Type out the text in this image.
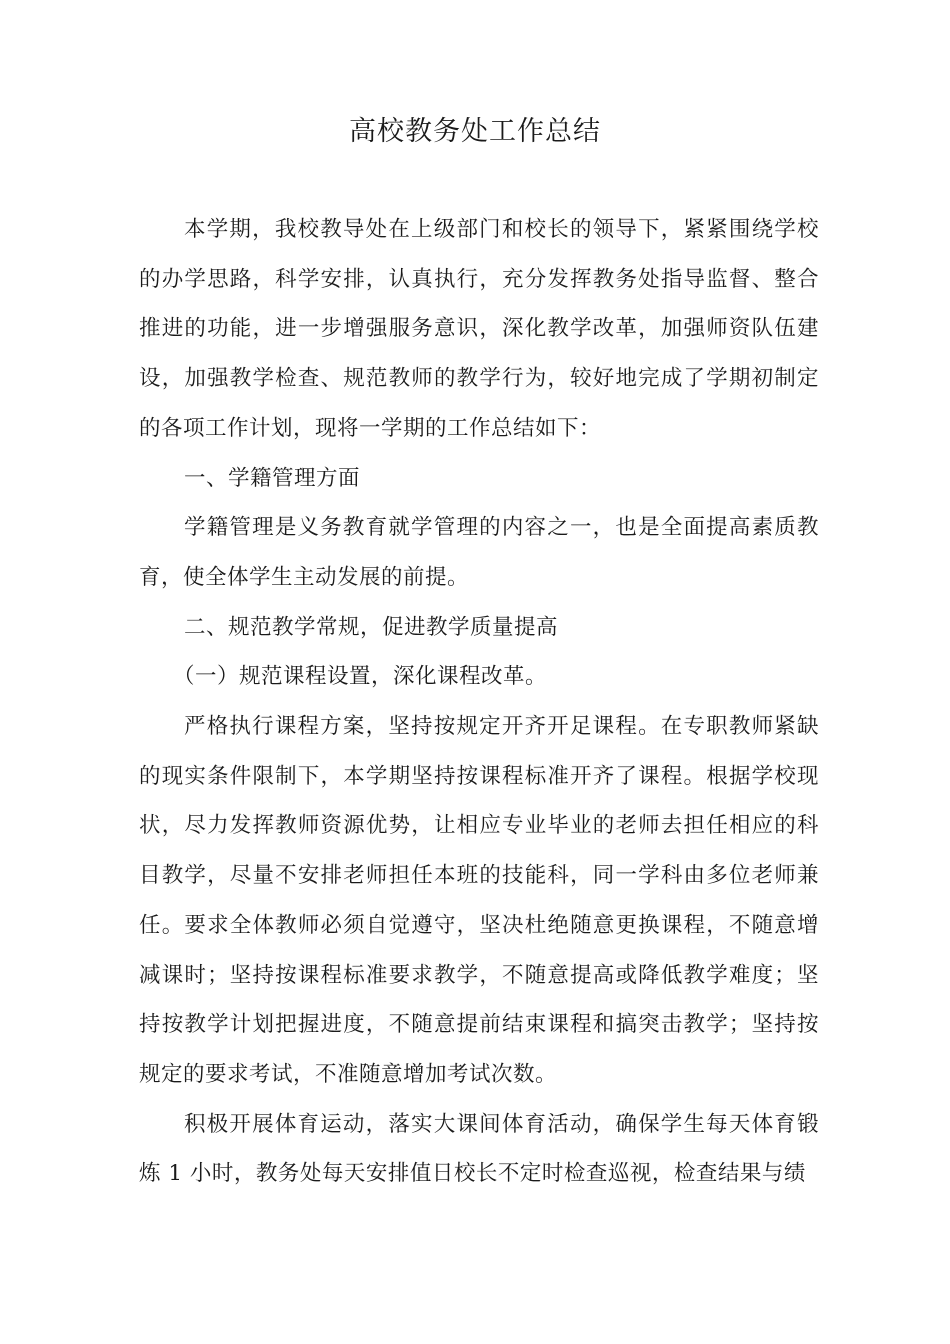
高校教务处工作总结

本学期，我校教导处在上级部门和校长的领导下，紧紧围绕学校的办学思路，科学安排，认真执行，充分发挥教务处指导监督、整合推进的功能，进一步增强服务意识，深化教学改革，加强师资队伍建设，加强教学检查、规范教师的教学行为，较好地完成了学期初制定的各项工作计划，现将一学期的工作总结如下：

一、学籍管理方面

学籍管理是义务教育就学管理的内容之一，也是全面提高素质教育，使全体学生主动发展的前提。

二、规范教学常规，促进教学质量提高

（一）规范课程设置，深化课程改革。

严格执行课程方案，坚持按规定开齐开足课程。在专职教师紧缺的现实条件限制下，本学期坚持按课程标准开齐了课程。根据学校现状，尽力发挥教师资源优势，让相应专业毕业的老师去担任相应的科目教学，尽量不安排老师担任本班的技能科，同一学科由多位老师兼任。要求全体教师必须自觉遵守，坚决杜绝随意更换课程，不随意增减课时；坚持按课程标准要求教学，不随意提高或降低教学难度；坚持按教学计划把握进度，不随意提前结束课程和搞突击教学；坚持按规定的要求考试，不准随意增加考试次数。

积极开展体育运动，落实大课间体育活动，确保学生每天体育锻炼 1 小时，教务处每天安排值日校长不定时检查巡视，检查结果与绩
